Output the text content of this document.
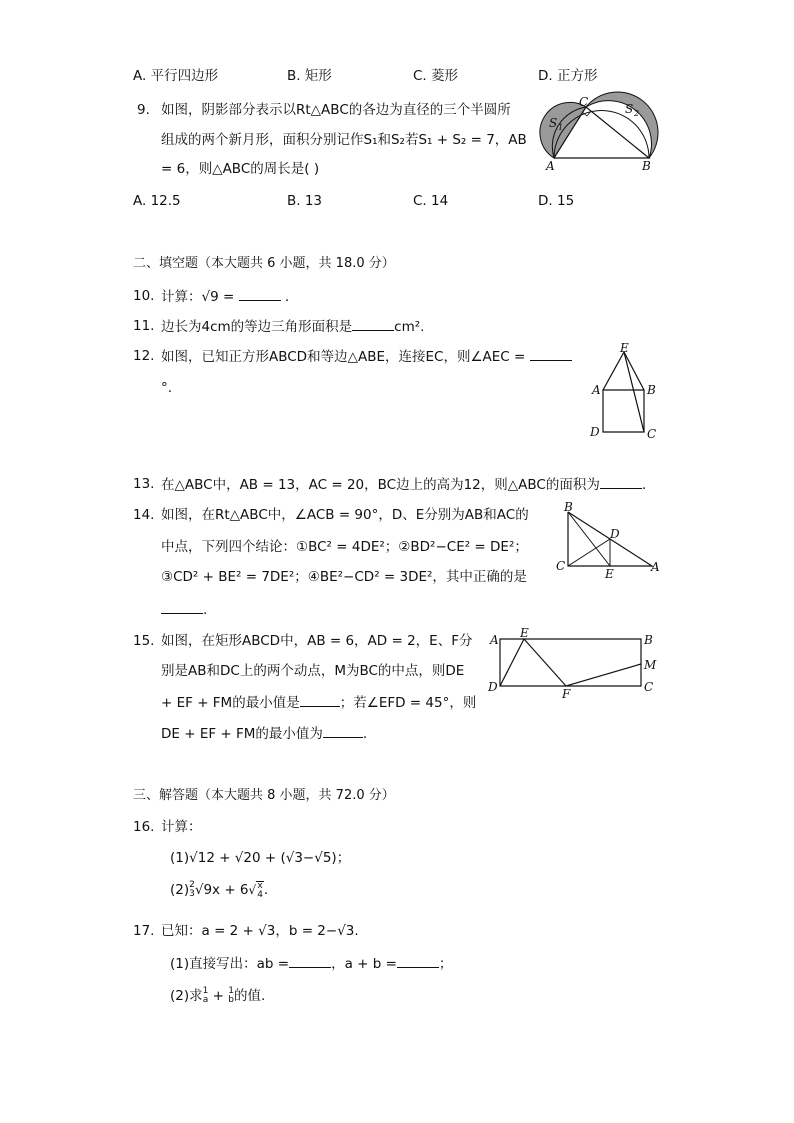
A. 平行四边形	B. 矩形	C. 菱形	D. 正方形
9. 如图，阴影部分表示以Rt△ABC的各边为直径的三个半圆所
组成的两个新月形，面积分别记作S₁和S₂若S₁ + S₂ = 7，AB
= 6，则△ABC的周长是( )
C
S 1
S 2
A	B
A. 12.5	B. 13	C. 14	D. 15
二、填空题（本大题共 6 小题，共 18.0 分）
10. 计算：√9 =	.
11. 边长为4cm的等边三角形面积是	cm².
12. 如图，已知正方形ABCD和等边△ABE，连接EC，则∠AEC =
°.
E
A	B
C
D
13. 在△ABC中，AB = 13，AC = 20，BC边上的高为12，则△ABC的面积为	.
14. 如图，在Rt△ABC中，∠ACB = 90°，D、E分别为AB和AC的
中点，下列四个结论：①BC² = 4DE²；②BD²−CE² = DE²；
③CD² + BE² = 7DE²；④BE²−CD² = 3DE²，其中正确的是
.
B
D
C
E	A
15. 如图，在矩形ABCD中，AB = 6，AD = 2，E、F分
别是AB和DC上的两个动点，M为BC的中点，则DE
+ EF + FM的最小值是	；若∠EFD = 45°，则
DE + EF + FM的最小值为	.
A E	B
M
D	F	C
三、解答题（本大题共 8 小题，共 72.0 分）
16. 计算：
(1)√12 + √20 + (√3−√5)；
(2) 2
3 √9x + 6√ x
4 .
17. 已知：a = 2 + √3，b = 2−√3.
(1)直接写出：ab =	，a + b =	；
(2)求 1
a + 1
b 的值.
